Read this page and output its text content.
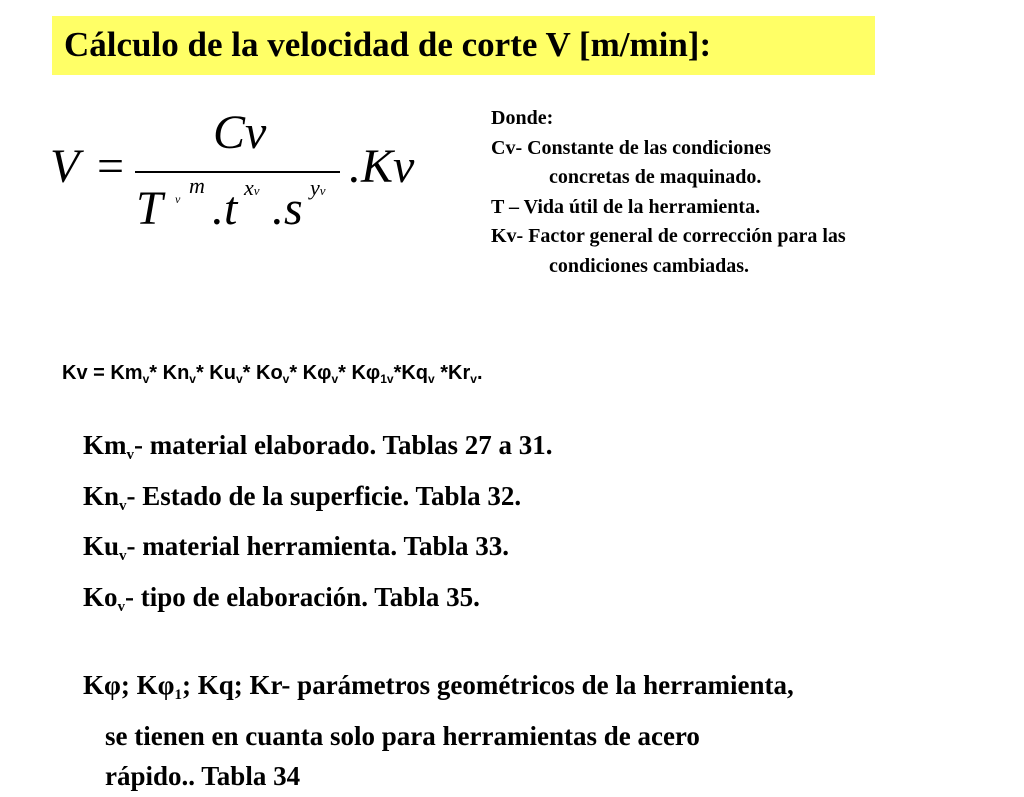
Cálculo de la velocidad de corte V [m/min]:
V =
Cv
.Kv
T v
m .t xv .s yv
Donde:
Cv- Constante de las condiciones
concretas de maquinado.
T – Vida útil de la herramienta.
Kv- Factor general de corrección para las
condiciones cambiadas.
$Kv = Km_v*$ $Kn_v*$ $Ku_v*$ $Ko_v*$ $K\varphi_v*$ $K\varphi_{1v}*Kq_v$ $*Kr_v$.
$Km_v-$ material elaborado. Tablas 27 a 31.
$Kn_v-$ Estado de la superficie. Tabla 32.
$Ku_v-$ material herramienta. Tabla 33.
$Ko_v-$ tipo de elaboración. Tabla 35.
Kφ; $K\varphi_1$; Kq; Kr- parámetros geométricos de la herramienta,
se tienen en cuanta solo para herramientas de acero
rápido.. Tabla 34
